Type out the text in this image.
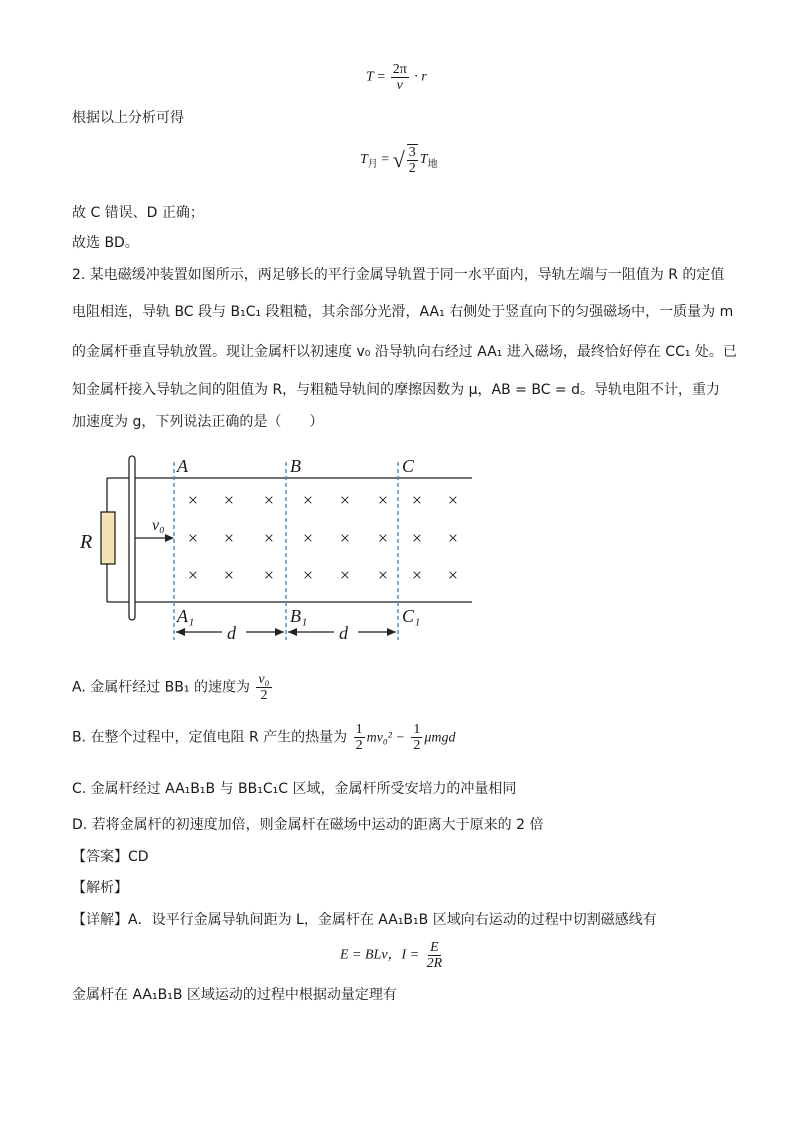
$T = \frac{2\pi}{v} \cdot r$
根据以上分析可得
$T_月$ = √ $\frac{3}{2} T_地$
故 C 错误、D 正确；
故选 BD。
2. 某电磁缓冲装置如图所示，两足够长的平行金属导轨置于同一水平面内，导轨左端与一阻值为 R 的定值
电阻相连，导轨 BC 段与 B₁C₁ 段粗糙，其余部分光滑，AA₁ 右侧处于竖直向下的匀强磁场中，一质量为 m
的金属杆垂直导轨放置。现让金属杆以初速度 v₀ 沿导轨向右经过 AA₁ 进入磁场，最终恰好停在 CC₁ 处。已
知金属杆接入导轨之间的阻值为 R，与粗糙导轨间的摩擦因数为 μ，AB = BC = d。导轨电阻不计，重力
加速度为 g，下列说法正确的是（　　）
R
v₀
A	B	C
A₁	B₁	C₁
d	d
× × × × × × × ×
× × × × × × × ×
× × × × × × × ×
A. 金属杆经过 BB₁ 的速度为 $\frac{\text{v₀}}{2}$
B. 在整个过程中，定值电阻 R 产生的热量为 $\frac{1}{2} mv_0^2 - \frac{1}{2}$ μmgd
C. 金属杆经过 AA₁B₁B 与 BB₁C₁C 区域，金属杆所受安培力的冲量相同
D. 若将金属杆的初速度加倍，则金属杆在磁场中运动的距离大于原来的 2 倍
【答案】CD
【解析】
【详解】A．设平行金属导轨间距为 L，金属杆在 AA₁B₁B 区域向右运动的过程中切割磁感线有
E = BLv，$I = \frac{E}{2R}$
金属杆在 AA₁B₁B 区域运动的过程中根据动量定理有
